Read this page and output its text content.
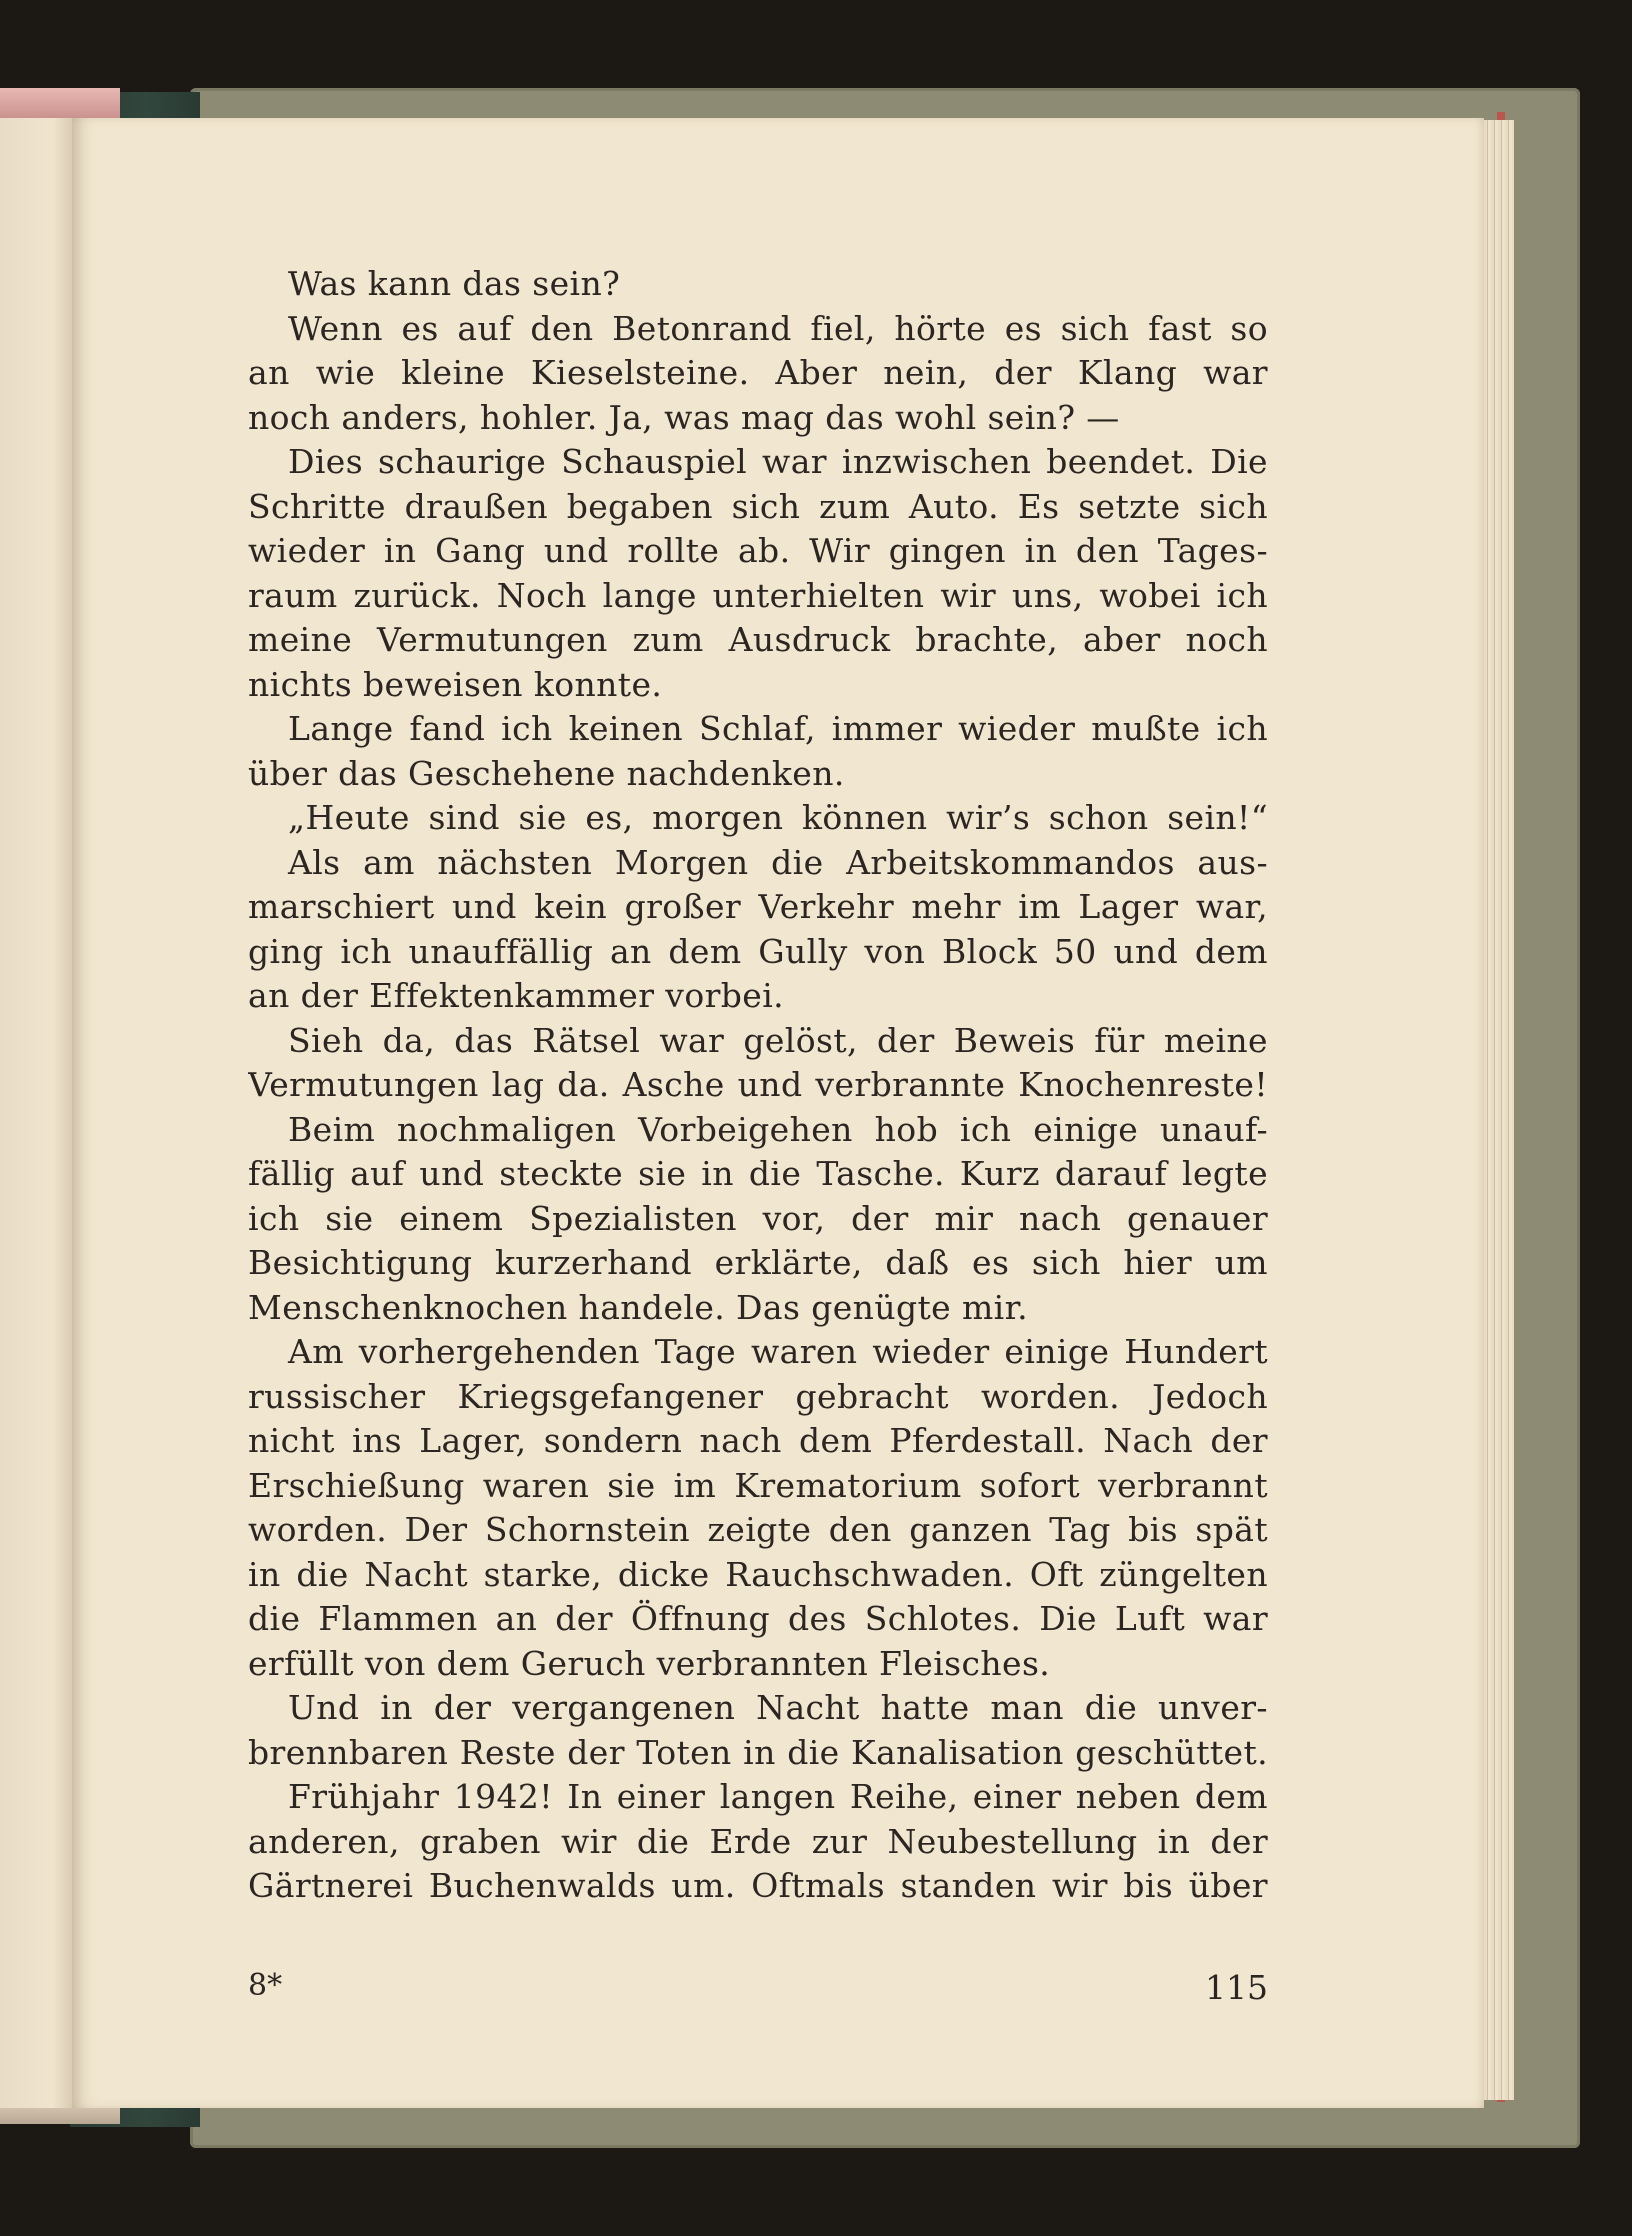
Was kann das sein?
Wenn es auf den Betonrand fiel, hörte es sich fast so
an wie kleine Kieselsteine. Aber nein, der Klang war
noch anders, hohler. Ja, was mag das wohl sein? —
Dies schaurige Schauspiel war inzwischen beendet. Die
Schritte draußen begaben sich zum Auto. Es setzte sich
wieder in Gang und rollte ab. Wir gingen in den Tages-
raum zurück. Noch lange unterhielten wir uns, wobei ich
meine Vermutungen zum Ausdruck brachte, aber noch
nichts beweisen konnte.
Lange fand ich keinen Schlaf, immer wieder mußte ich
über das Geschehene nachdenken.
„Heute sind sie es, morgen können wir’s schon sein!“
Als am nächsten Morgen die Arbeitskommandos aus-
marschiert und kein großer Verkehr mehr im Lager war,
ging ich unauffällig an dem Gully von Block 50 und dem
an der Effektenkammer vorbei.
Sieh da, das Rätsel war gelöst, der Beweis für meine
Vermutungen lag da. Asche und verbrannte Knochenreste!
Beim nochmaligen Vorbeigehen hob ich einige unauf-
fällig auf und steckte sie in die Tasche. Kurz darauf legte
ich sie einem Spezialisten vor, der mir nach genauer
Besichtigung kurzerhand erklärte, daß es sich hier um
Menschenknochen handele. Das genügte mir.
Am vorhergehenden Tage waren wieder einige Hundert
russischer Kriegsgefangener gebracht worden. Jedoch
nicht ins Lager, sondern nach dem Pferdestall. Nach der
Erschießung waren sie im Krematorium sofort verbrannt
worden. Der Schornstein zeigte den ganzen Tag bis spät
in die Nacht starke, dicke Rauchschwaden. Oft züngelten
die Flammen an der Öffnung des Schlotes. Die Luft war
erfüllt von dem Geruch verbrannten Fleisches.
Und in der vergangenen Nacht hatte man die unver-
brennbaren Reste der Toten in die Kanalisation geschüttet.
Frühjahr 1942! In einer langen Reihe, einer neben dem
anderen, graben wir die Erde zur Neubestellung in der
Gärtnerei Buchenwalds um. Oftmals standen wir bis über
8*	115
